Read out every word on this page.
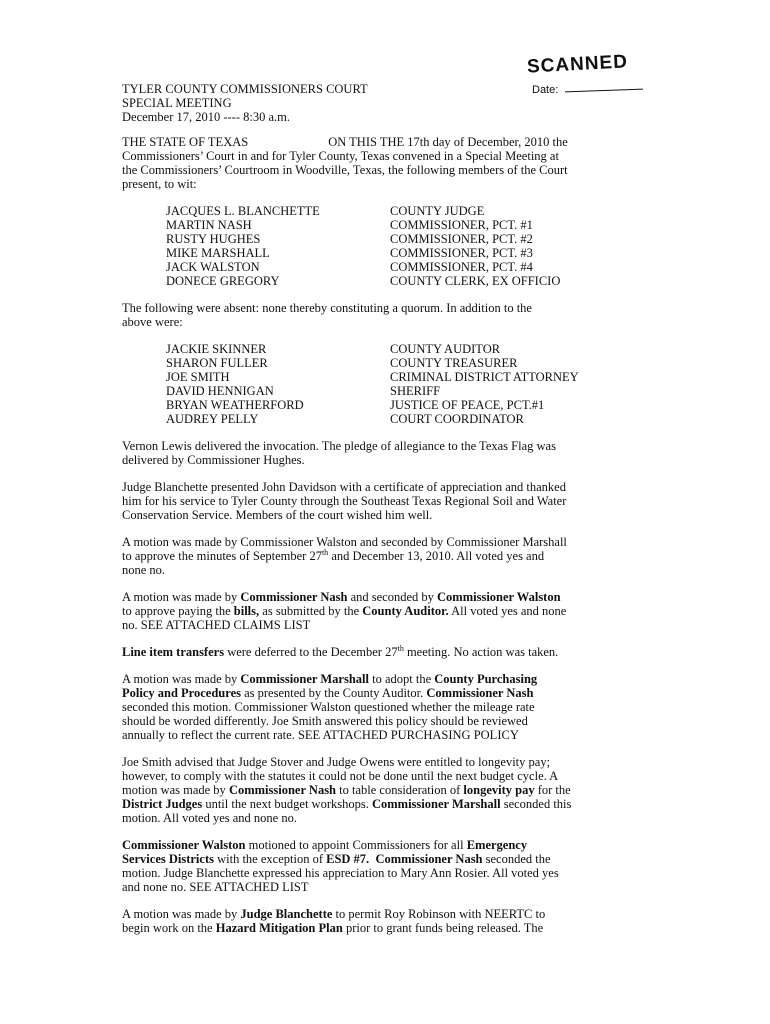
SCANNED
Date:
TYLER COUNTY COMMISSIONERS COURT
SPECIAL MEETING
December 17, 2010 ---- 8:30 a.m.

THE STATE OF TEXAS	ON THIS THE 17th day of December, 2010 the
Commissioners’ Court in and for Tyler County, Texas convened in a Special Meeting at
the Commissioners’ Courtroom in Woodville, Texas, the following members of the Court
present, to wit:

JACQUES L. BLANCHETTE	COUNTY JUDGE
MARTIN NASH	COMMISSIONER, PCT. #1
RUSTY HUGHES	COMMISSIONER, PCT. #2
MIKE MARSHALL	COMMISSIONER, PCT. #3
JACK WALSTON	COMMISSIONER, PCT. #4
DONECE GREGORY	COUNTY CLERK, EX OFFICIO

The following were absent: none thereby constituting a quorum. In addition to the
above were:

JACKIE SKINNER	COUNTY AUDITOR
SHARON FULLER	COUNTY TREASURER
JOE SMITH	CRIMINAL DISTRICT ATTORNEY
DAVID HENNIGAN	SHERIFF
BRYAN WEATHERFORD	JUSTICE OF PEACE, PCT.#1
AUDREY PELLY	COURT COORDINATOR

Vernon Lewis delivered the invocation. The pledge of allegiance to the Texas Flag was
delivered by Commissioner Hughes.

Judge Blanchette presented John Davidson with a certificate of appreciation and thanked
him for his service to Tyler County through the Southeast Texas Regional Soil and Water
Conservation Service. Members of the court wished him well.

A motion was made by Commissioner Walston and seconded by Commissioner Marshall
to approve the minutes of September 27th and December 13, 2010. All voted yes and
none no.

A motion was made by Commissioner Nash and seconded by Commissioner Walston
to approve paying the bills, as submitted by the County Auditor. All voted yes and none
no. SEE ATTACHED CLAIMS LIST

Line item transfers were deferred to the December 27th meeting. No action was taken.

A motion was made by Commissioner Marshall to adopt the County Purchasing
Policy and Procedures as presented by the County Auditor. Commissioner Nash
seconded this motion. Commissioner Walston questioned whether the mileage rate
should be worded differently. Joe Smith answered this policy should be reviewed
annually to reflect the current rate. SEE ATTACHED PURCHASING POLICY

Joe Smith advised that Judge Stover and Judge Owens were entitled to longevity pay;
however, to comply with the statutes it could not be done until the next budget cycle. A
motion was made by Commissioner Nash to table consideration of longevity pay for the
District Judges until the next budget workshops. Commissioner Marshall seconded this
motion. All voted yes and none no.

Commissioner Walston motioned to appoint Commissioners for all Emergency
Services Districts with the exception of ESD #7. Commissioner Nash seconded the
motion. Judge Blanchette expressed his appreciation to Mary Ann Rosier. All voted yes
and none no. SEE ATTACHED LIST

A motion was made by Judge Blanchette to permit Roy Robinson with NEERTC to
begin work on the Hazard Mitigation Plan prior to grant funds being released. The
